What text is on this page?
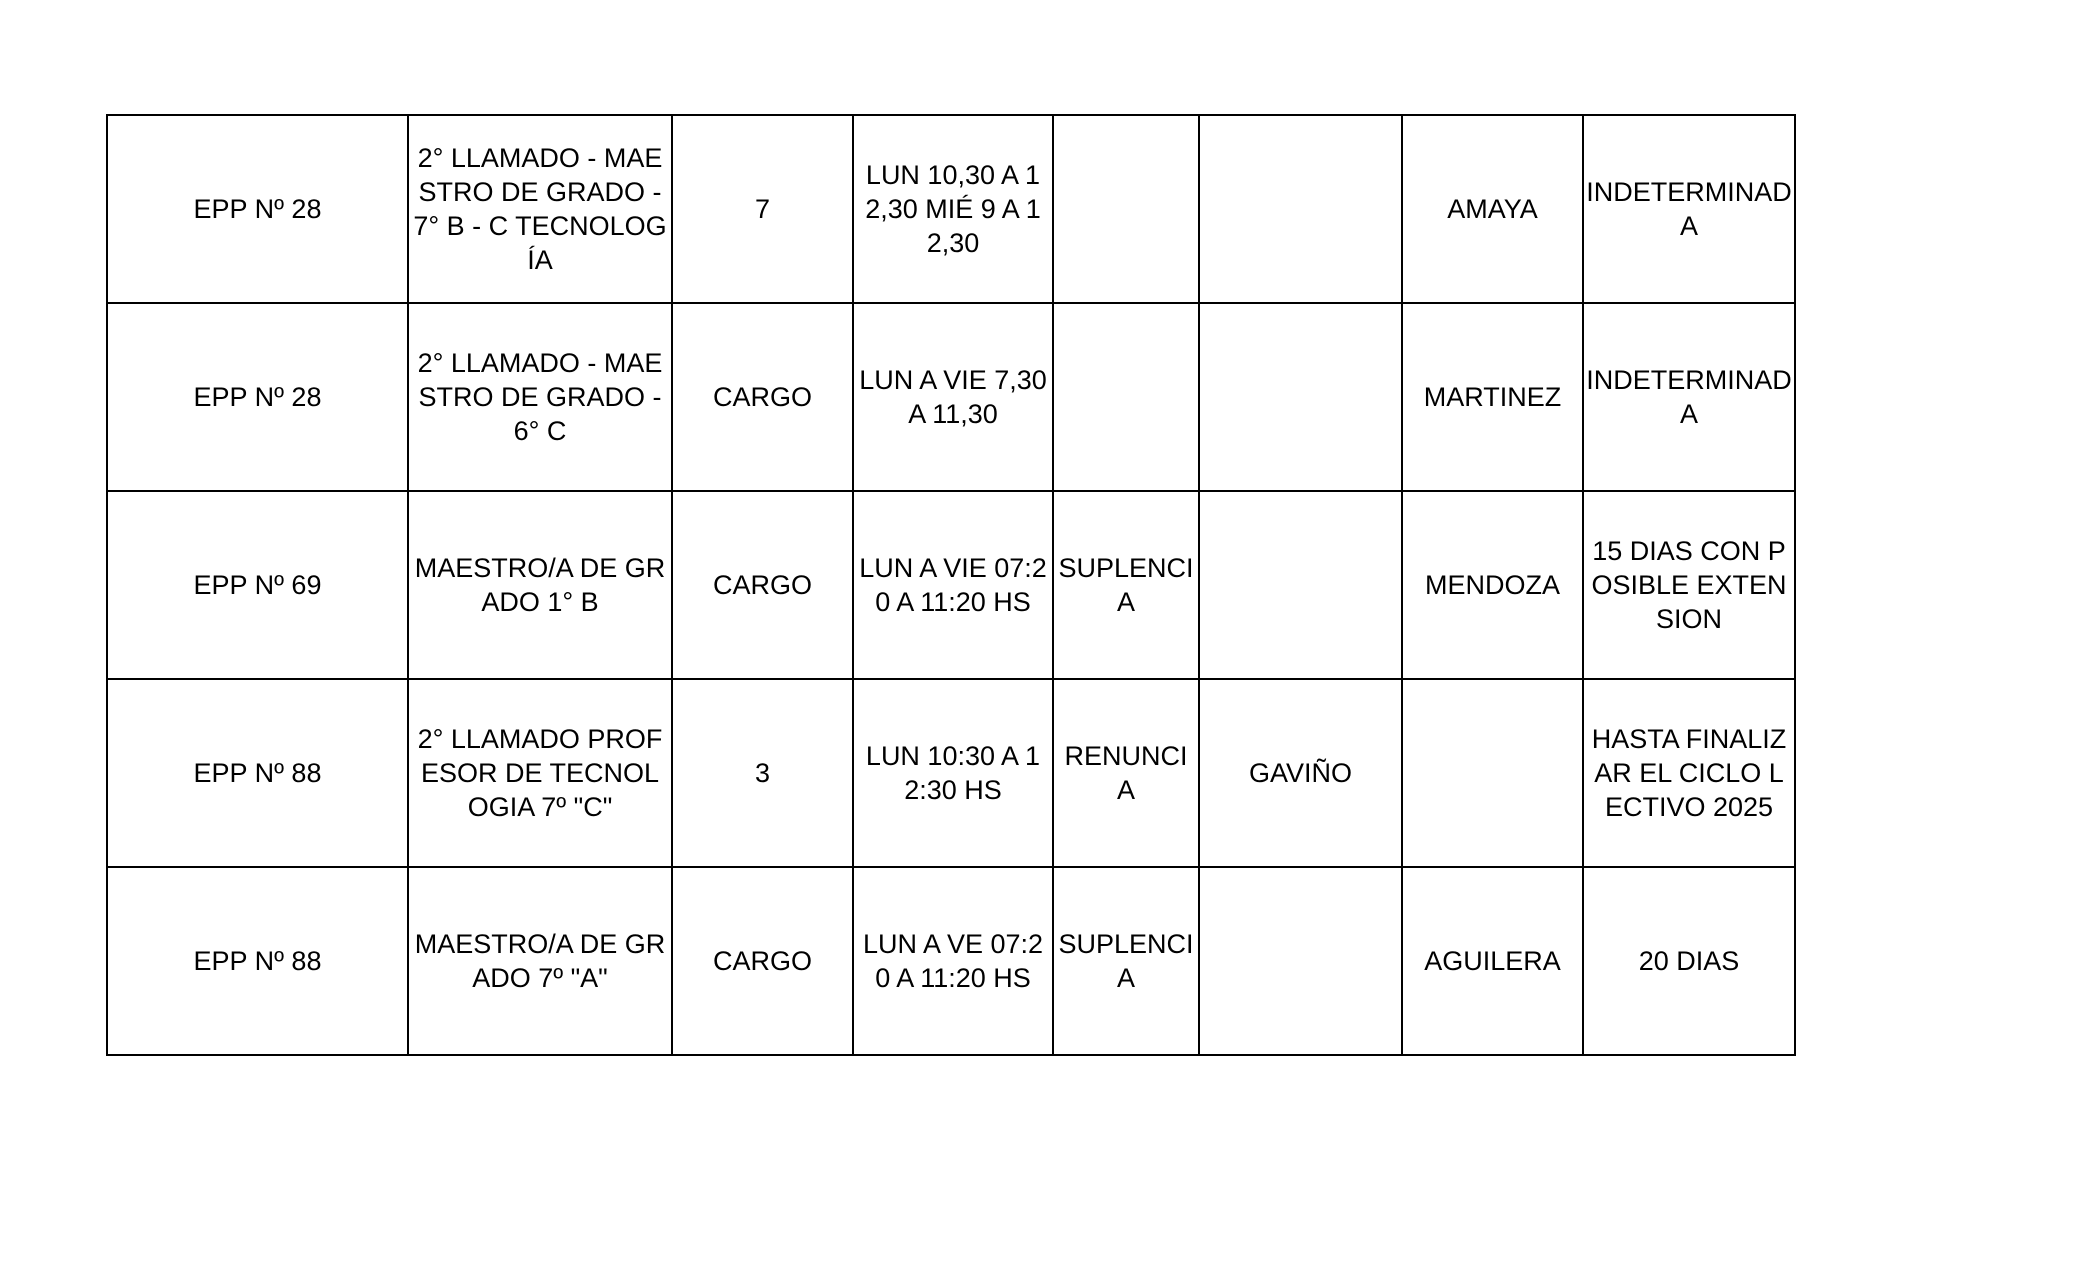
EPP Nº 28	2° LLAMADO - MAESTRO DE GRADO - 7° B - C TECNOLOGÍA	7	LUN 10,30 A 12,30 MIÉ 9 A 12,30			AMAYA	INDETERMINADA
EPP Nº 28	2° LLAMADO - MAESTRO DE GRADO - 6° C	CARGO	LUN A VIE 7,30 A 11,30			MARTINEZ	INDETERMINADA
EPP Nº 69	MAESTRO/A DE GRADO 1° B	CARGO	LUN A VIE 07:20 A 11:20 HS	SUPLENCIA		MENDOZA	15 DIAS CON POSIBLE EXTENSION
EPP Nº 88	2° LLAMADO PROFESOR DE TECNOLOGIA 7º "C"	3	LUN 10:30 A 12:30 HS	RENUNCIA	GAVIÑO		HASTA FINALIZAR EL CICLO LECTIVO 2025
EPP Nº 88	MAESTRO/A DE GRADO 7º "A"	CARGO	LUN A VE 07:20 A 11:20 HS	SUPLENCIA		AGUILERA	20 DIAS
